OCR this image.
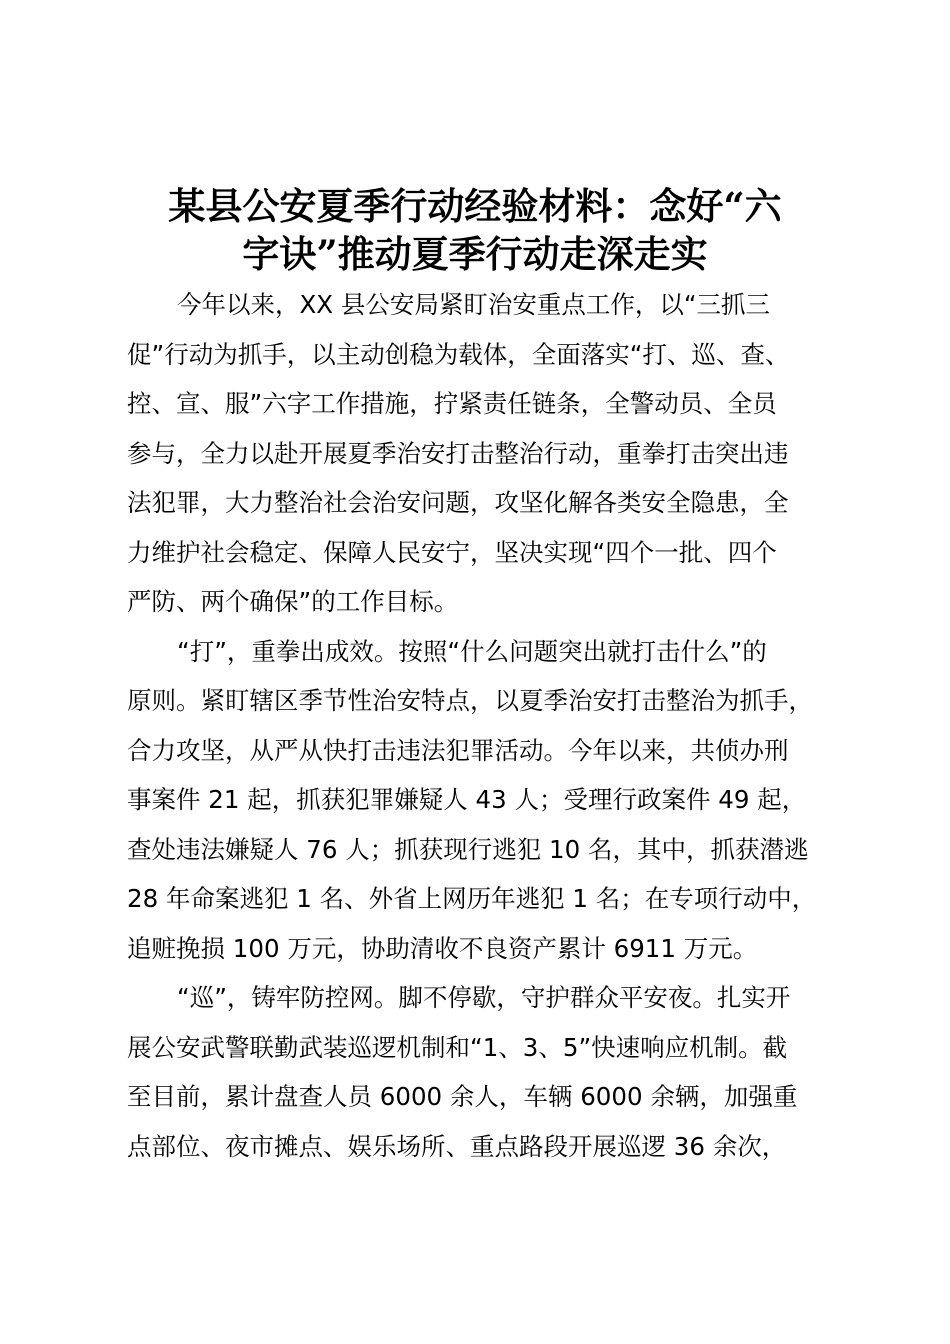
某县公安夏季行动经验材料：念好“六
字诀”推动夏季行动走深走实

今年以来，XX 县公安局紧盯治安重点工作，以“三抓三
促”行动为抓手，以主动创稳为载体，全面落实“打、巡、查、
控、宣、服”六字工作措施，拧紧责任链条，全警动员、全员
参与，全力以赴开展夏季治安打击整治行动，重拳打击突出违
法犯罪，大力整治社会治安问题，攻坚化解各类安全隐患，全
力维护社会稳定、保障人民安宁，坚决实现“四个一批、四个
严防、两个确保”的工作目标。

“打”，重拳出成效。按照“什么问题突出就打击什么”的
原则。紧盯辖区季节性治安特点，以夏季治安打击整治为抓手，
合力攻坚，从严从快打击违法犯罪活动。今年以来，共侦办刑
事案件 21 起，抓获犯罪嫌疑人 43 人；受理行政案件 49 起，
查处违法嫌疑人 76 人；抓获现行逃犯 10 名，其中，抓获潜逃
28 年命案逃犯 1 名、外省上网历年逃犯 1 名；在专项行动中，
追赃挽损 100 万元，协助清收不良资产累计 6911 万元。

“巡”，铸牢防控网。脚不停歇，守护群众平安夜。扎实开
展公安武警联勤武装巡逻机制和“1、3、5”快速响应机制。截
至目前，累计盘查人员 6000 余人，车辆 6000 余辆，加强重
点部位、夜市摊点、娱乐场所、重点路段开展巡逻 36 余次，
